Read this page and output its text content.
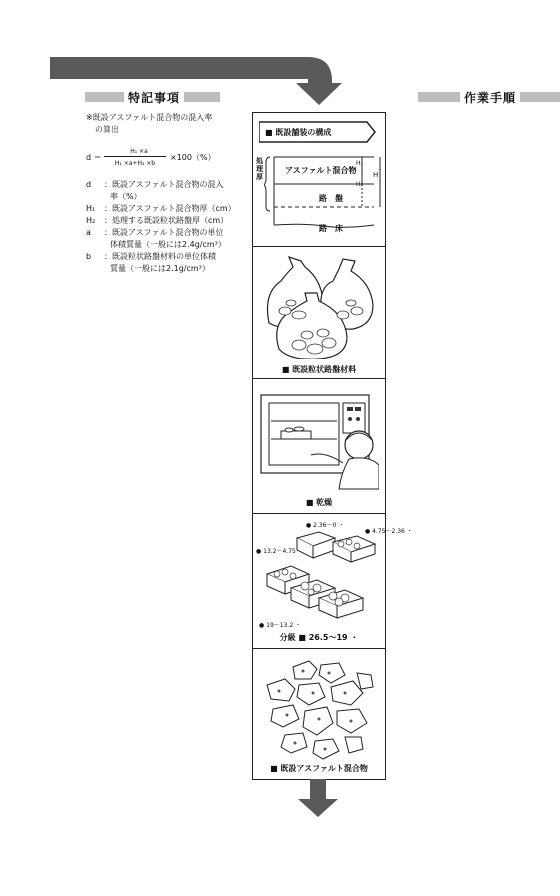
特記事項	作業手順
※既設アスファルト混合物の混入率
の算出
d ＝
H₁ ×a
H₁ ×a+H₂ ×b
×100（%）
d	：既設アスファルト混合物の混入
率（%）
H₁	：既設アスファルト混合物厚（cm）
H₂	：処理する既設粒状路盤厚（cm）
a	：既設アスファルト混合物の単位
体積質量（一般には2.4g/cm³）
b	：既設粒状路盤材料の単位体積
質量（一般には2.1g/cm³）
■ 既設舗装の構成
処理厚
アスファルト混合物
路　盤
路　床
H₁
H₂
H
■ 既設粒状路盤材料
■ 乾燥
● 2.36～0 ・
● 4.75～2.36 ・
● 13.2～4.75
● 19～13.2 ・
分級 ■ 26.5～19 ・
■ 既設アスファルト混合物
